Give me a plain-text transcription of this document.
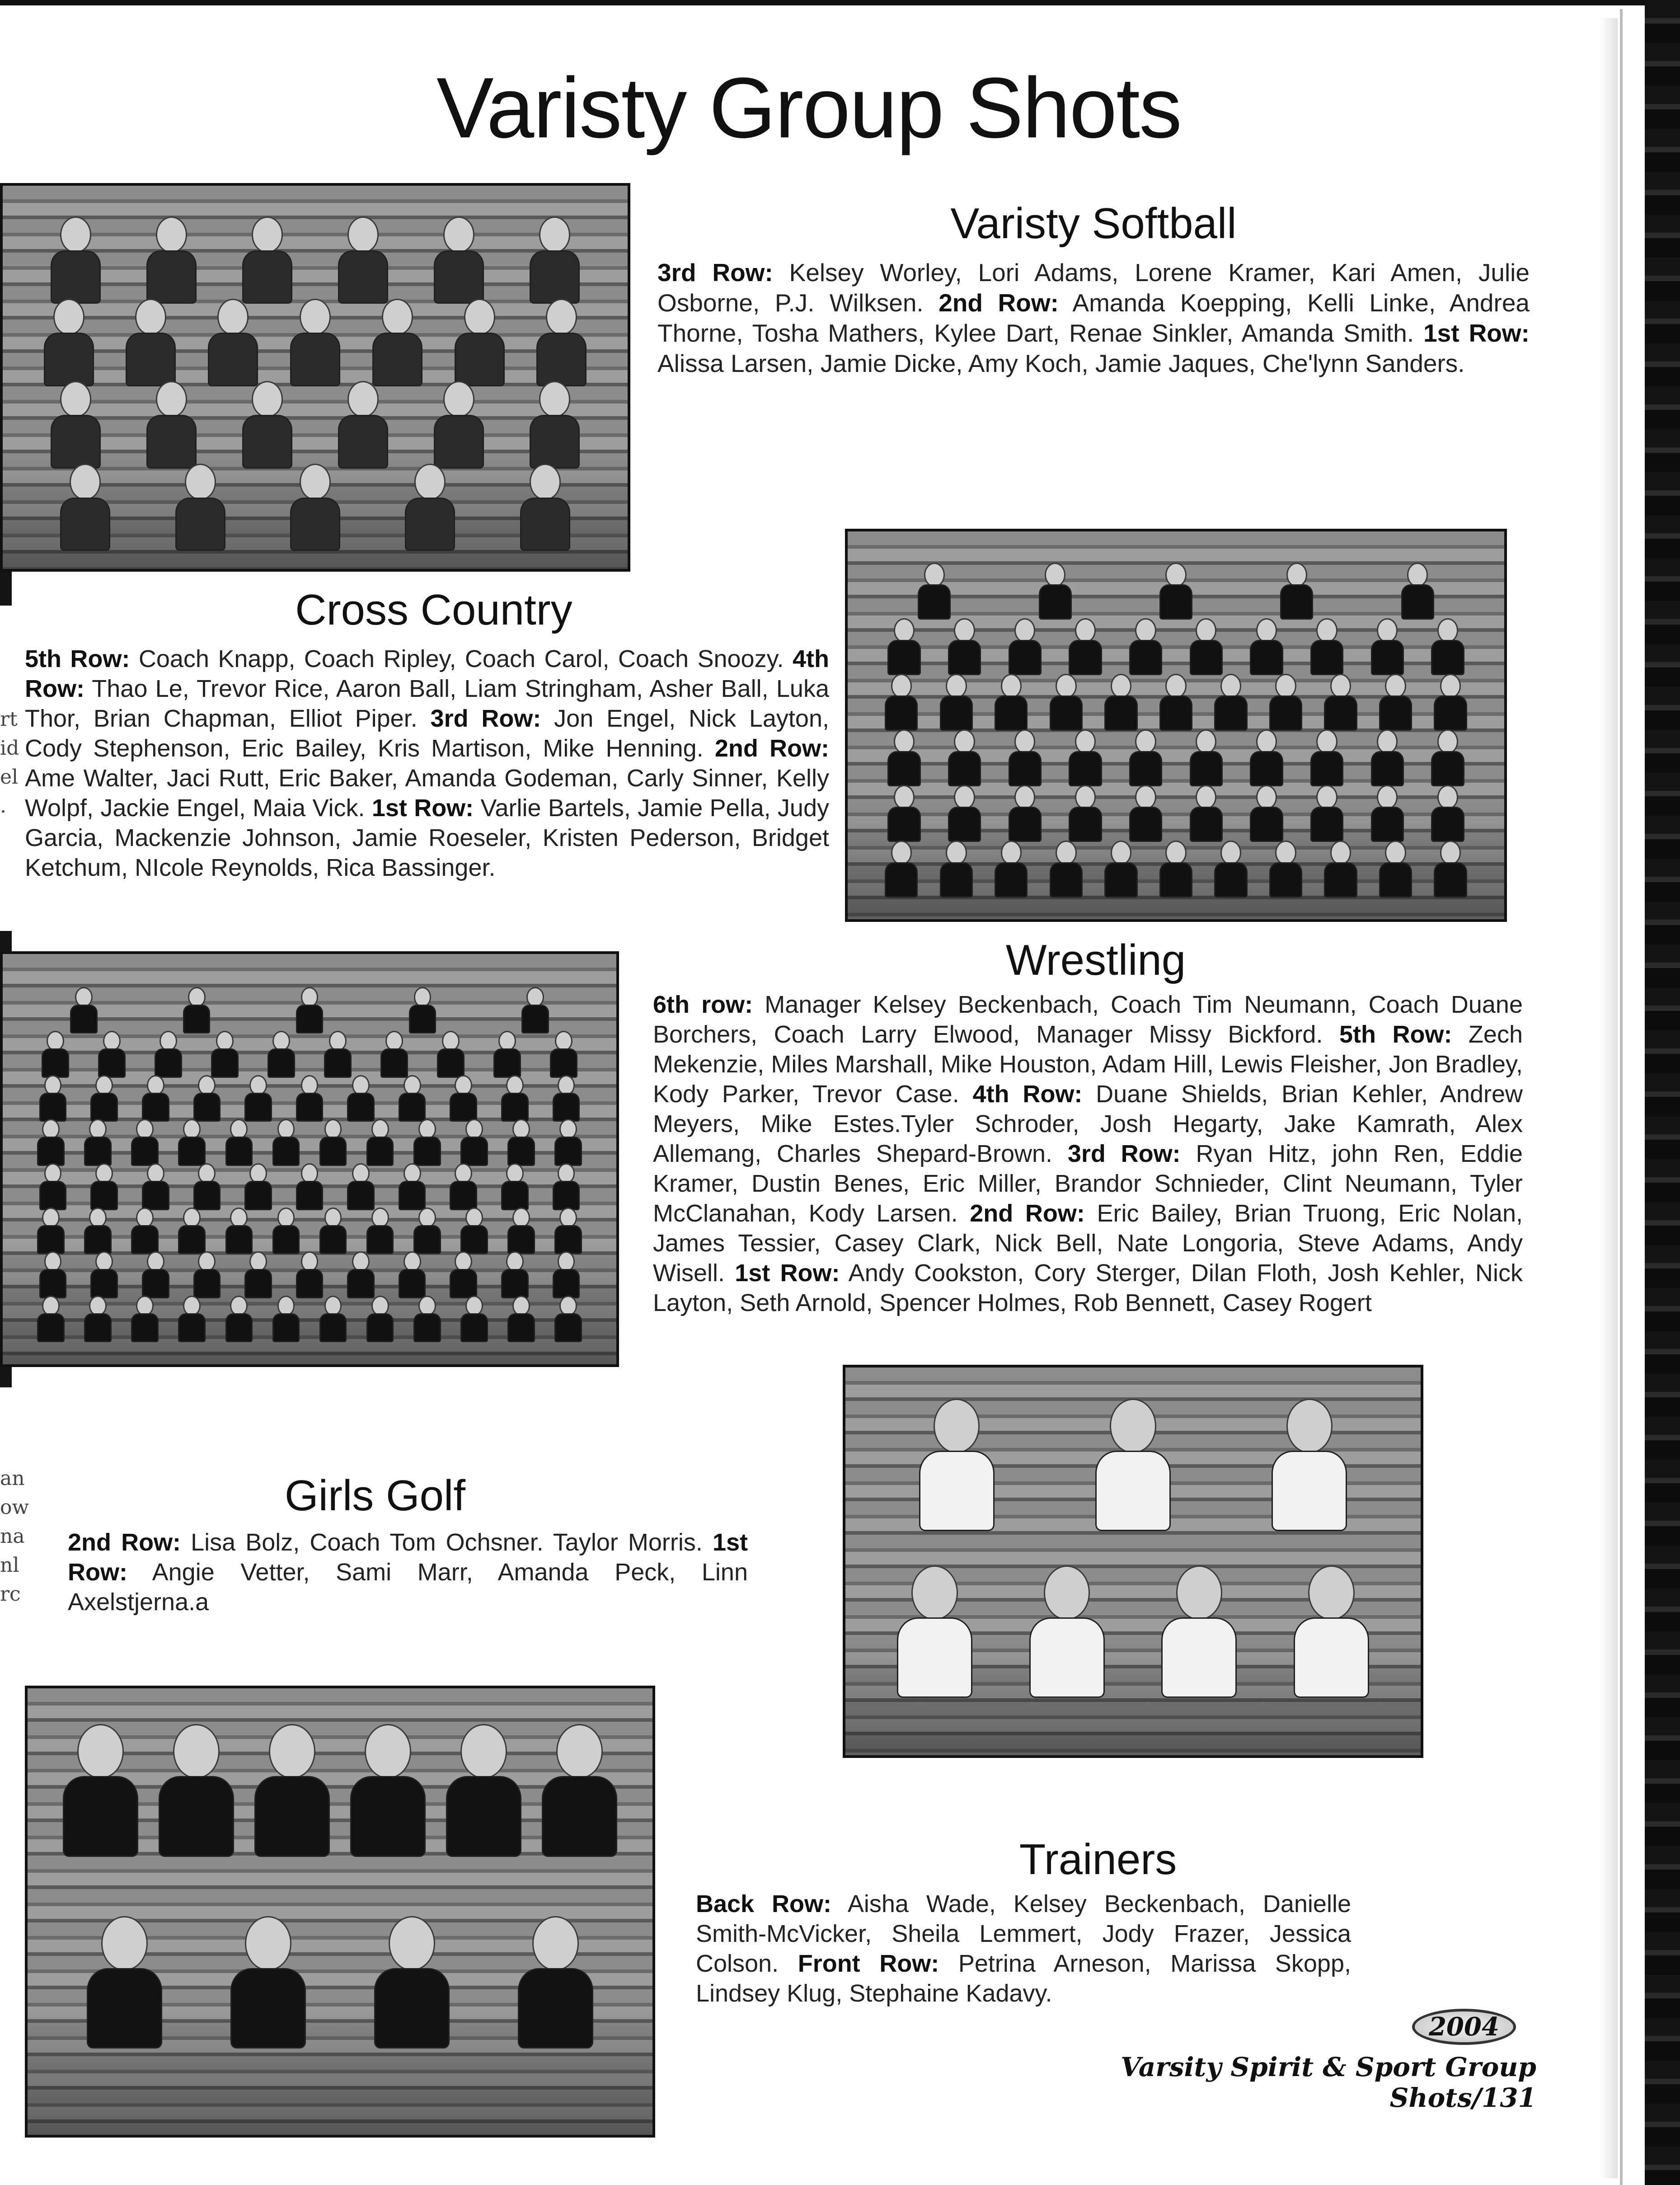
rt
id
el
.
an
ow
na
nl
rc
Varisty Group Shots
Varisty Softball
3rd Row: Kelsey Worley, Lori Adams, Lorene Kramer, Kari Amen, Julie Osborne, P.J. Wilksen. 2nd Row: Amanda Koepping, Kelli Linke, Andrea Thorne, Tosha Mathers, Kylee Dart, Renae Sinkler, Amanda Smith. 1st Row: Alissa Larsen, Jamie Dicke, Amy Koch, Jamie Jaques, Che'lynn Sanders.
Cross Country
5th Row: Coach Knapp, Coach Ripley, Coach Carol, Coach Snoozy. 4th Row: Thao Le, Trevor Rice, Aaron Ball, Liam Stringham, Asher Ball, Luka Thor, Brian Chapman, Elliot Piper. 3rd Row: Jon Engel, Nick Layton, Cody Stephenson, Eric Bailey, Kris Martison, Mike Henning. 2nd Row: Ame Walter, Jaci Rutt, Eric Baker, Amanda Godeman, Carly Sinner, Kelly Wolpf, Jackie Engel, Maia Vick. 1st Row: Varlie Bartels, Jamie Pella, Judy Garcia, Mackenzie Johnson, Jamie Roeseler, Kristen Pederson, Bridget Ketchum, NIcole Reynolds, Rica Bassinger.
Wrestling
6th row: Manager Kelsey Beckenbach, Coach Tim Neumann, Coach Duane Borchers, Coach Larry Elwood, Manager Missy Bickford. 5th Row: Zech Mekenzie, Miles Marshall, Mike Houston, Adam Hill, Lewis Fleisher, Jon Bradley, Kody Parker, Trevor Case. 4th Row: Duane Shields, Brian Kehler, Andrew Meyers, Mike Estes.Tyler Schroder, Josh Hegarty, Jake Kamrath, Alex Allemang, Charles Shepard-Brown. 3rd Row: Ryan Hitz, john Ren, Eddie Kramer, Dustin Benes, Eric Miller, Brandor Schnieder, Clint Neumann, Tyler McClanahan, Kody Larsen. 2nd Row: Eric Bailey, Brian Truong, Eric Nolan, James Tessier, Casey Clark, Nick Bell, Nate Longoria, Steve Adams, Andy Wisell. 1st Row: Andy Cookston, Cory Sterger, Dilan Floth, Josh Kehler, Nick Layton, Seth Arnold, Spencer Holmes, Rob Bennett, Casey Rogert
Girls Golf
2nd Row: Lisa Bolz, Coach Tom Ochsner. Taylor Morris. 1st Row: Angie Vetter, Sami Marr, Amanda Peck, Linn Axelstjerna.a
Trainers
Back Row: Aisha Wade, Kelsey Beckenbach, Danielle Smith-McVicker, Sheila Lemmert, Jody Frazer, Jessica Colson. Front Row: Petrina Arneson, Marissa Skopp, Lindsey Klug, Stephaine Kadavy.
2004
Varsity Spirit & Sport Group Shots/131
